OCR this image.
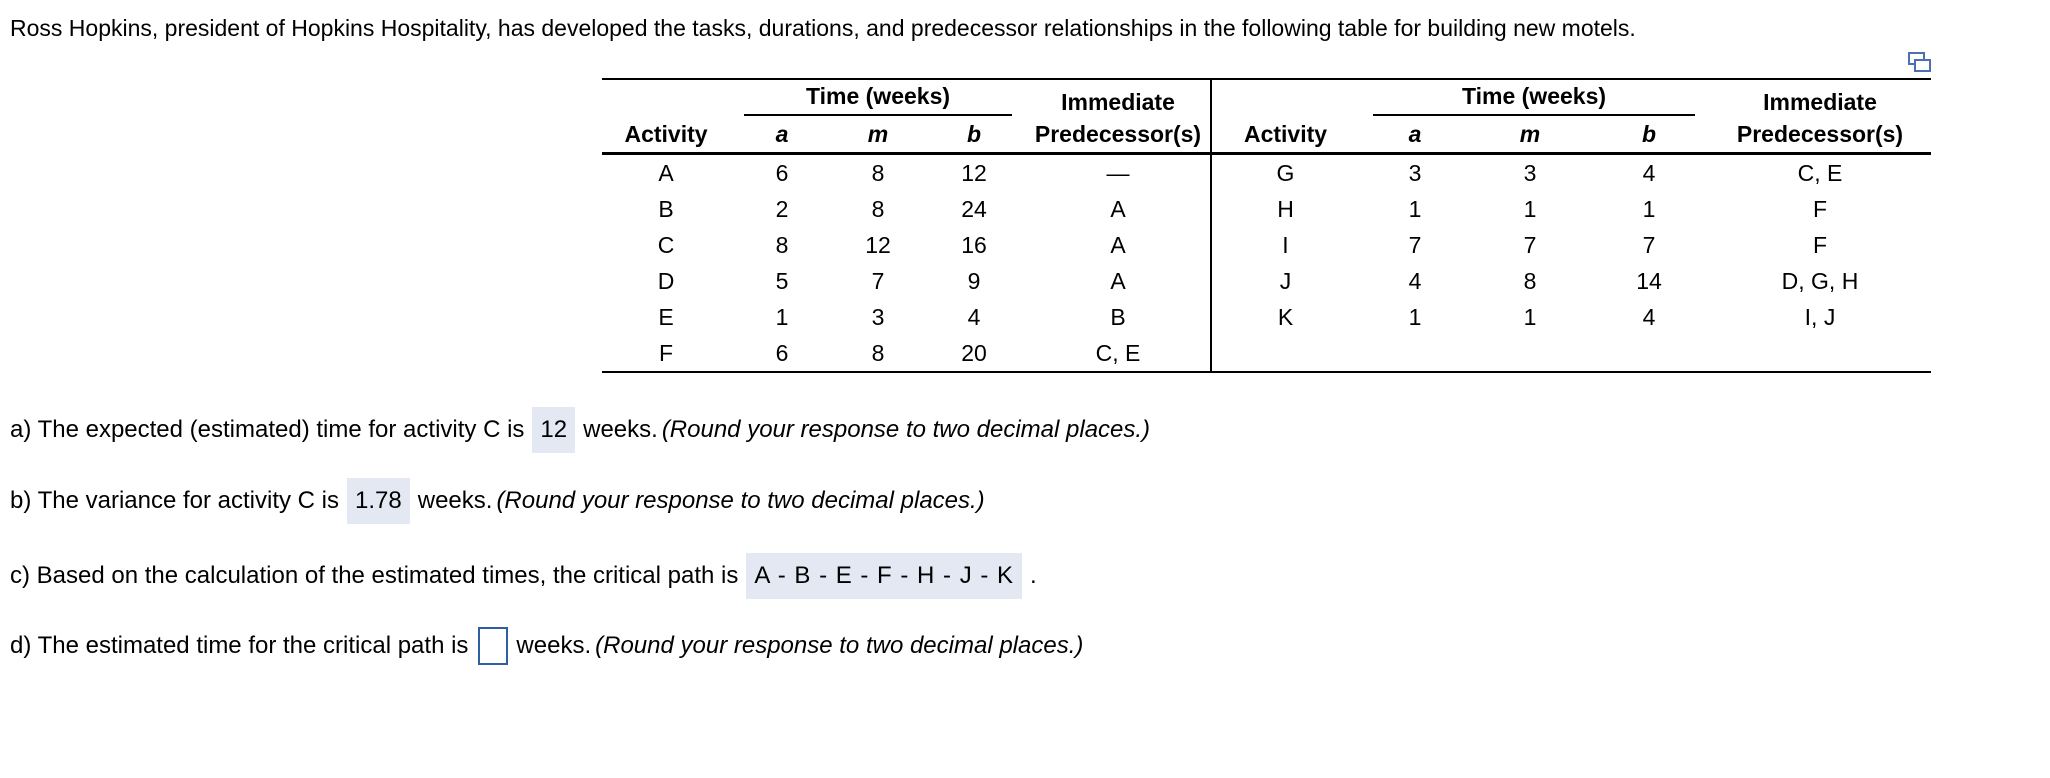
Ross Hopkins, president of Hopkins Hospitality, has developed the tasks, durations, and predecessor relationships in the following table for building new motels.

	Time (weeks)			Immediate		Time (weeks)			Immediate
Activity	a	m	b	Predecessor(s)	Activity	a	m	b	Predecessor(s)
A	6	8	12	—	G	3	3	4	C, E
B	2	8	24	A	H	1	1	1	F
C	8	12	16	A	I	7	7	7	F
D	5	7	9	A	J	4	8	14	D, G, H
E	1	3	4	B	K	1	1	4	I, J
F	6	8	20	C, E					
a) The expected (estimated) time for activity C is 12 weeks. (Round your response to two decimal places.)
b) The variance for activity C is 1.78 weeks. (Round your response to two decimal places.)
c) Based on the calculation of the estimated times, the critical path is A - B - E - F - H - J - K .
d) The estimated time for the critical path is weeks. (Round your response to two decimal places.)
